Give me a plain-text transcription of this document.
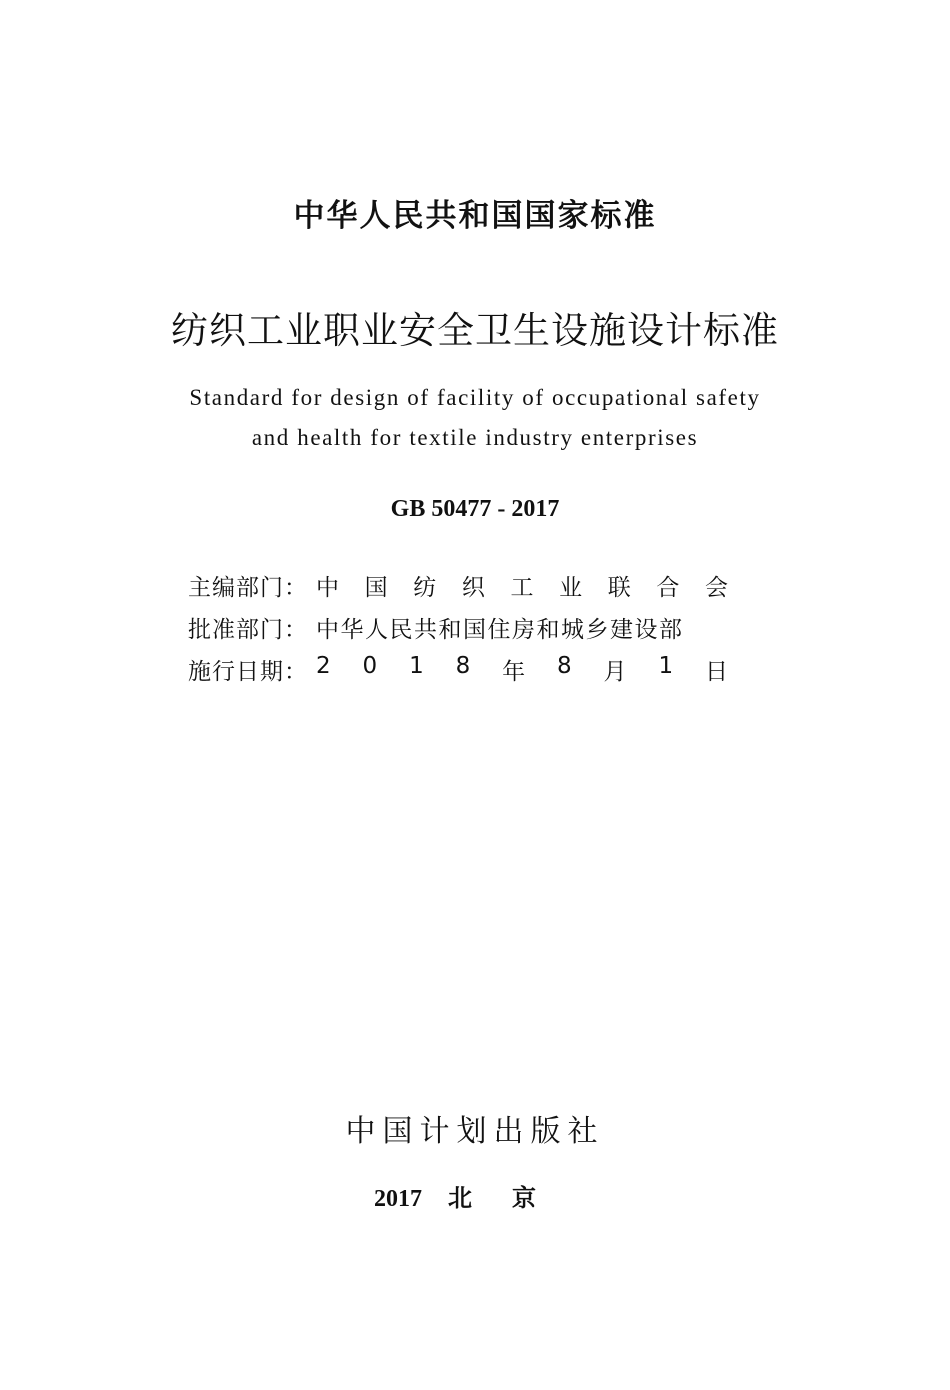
中华人民共和国国家标准
纺织工业职业安全卫生设施设计标准
Standard for design of facility of occupational safety
and health for textile industry enterprises
GB 50477 - 2017
主编部门： 中 国 纺 织 工 业 联 合 会
批准部门： 中华人民共和国住房和城乡建设部
施行日期： 2 0 1 8 年 8 月 1 日
中国计划出版社
2017 北京
